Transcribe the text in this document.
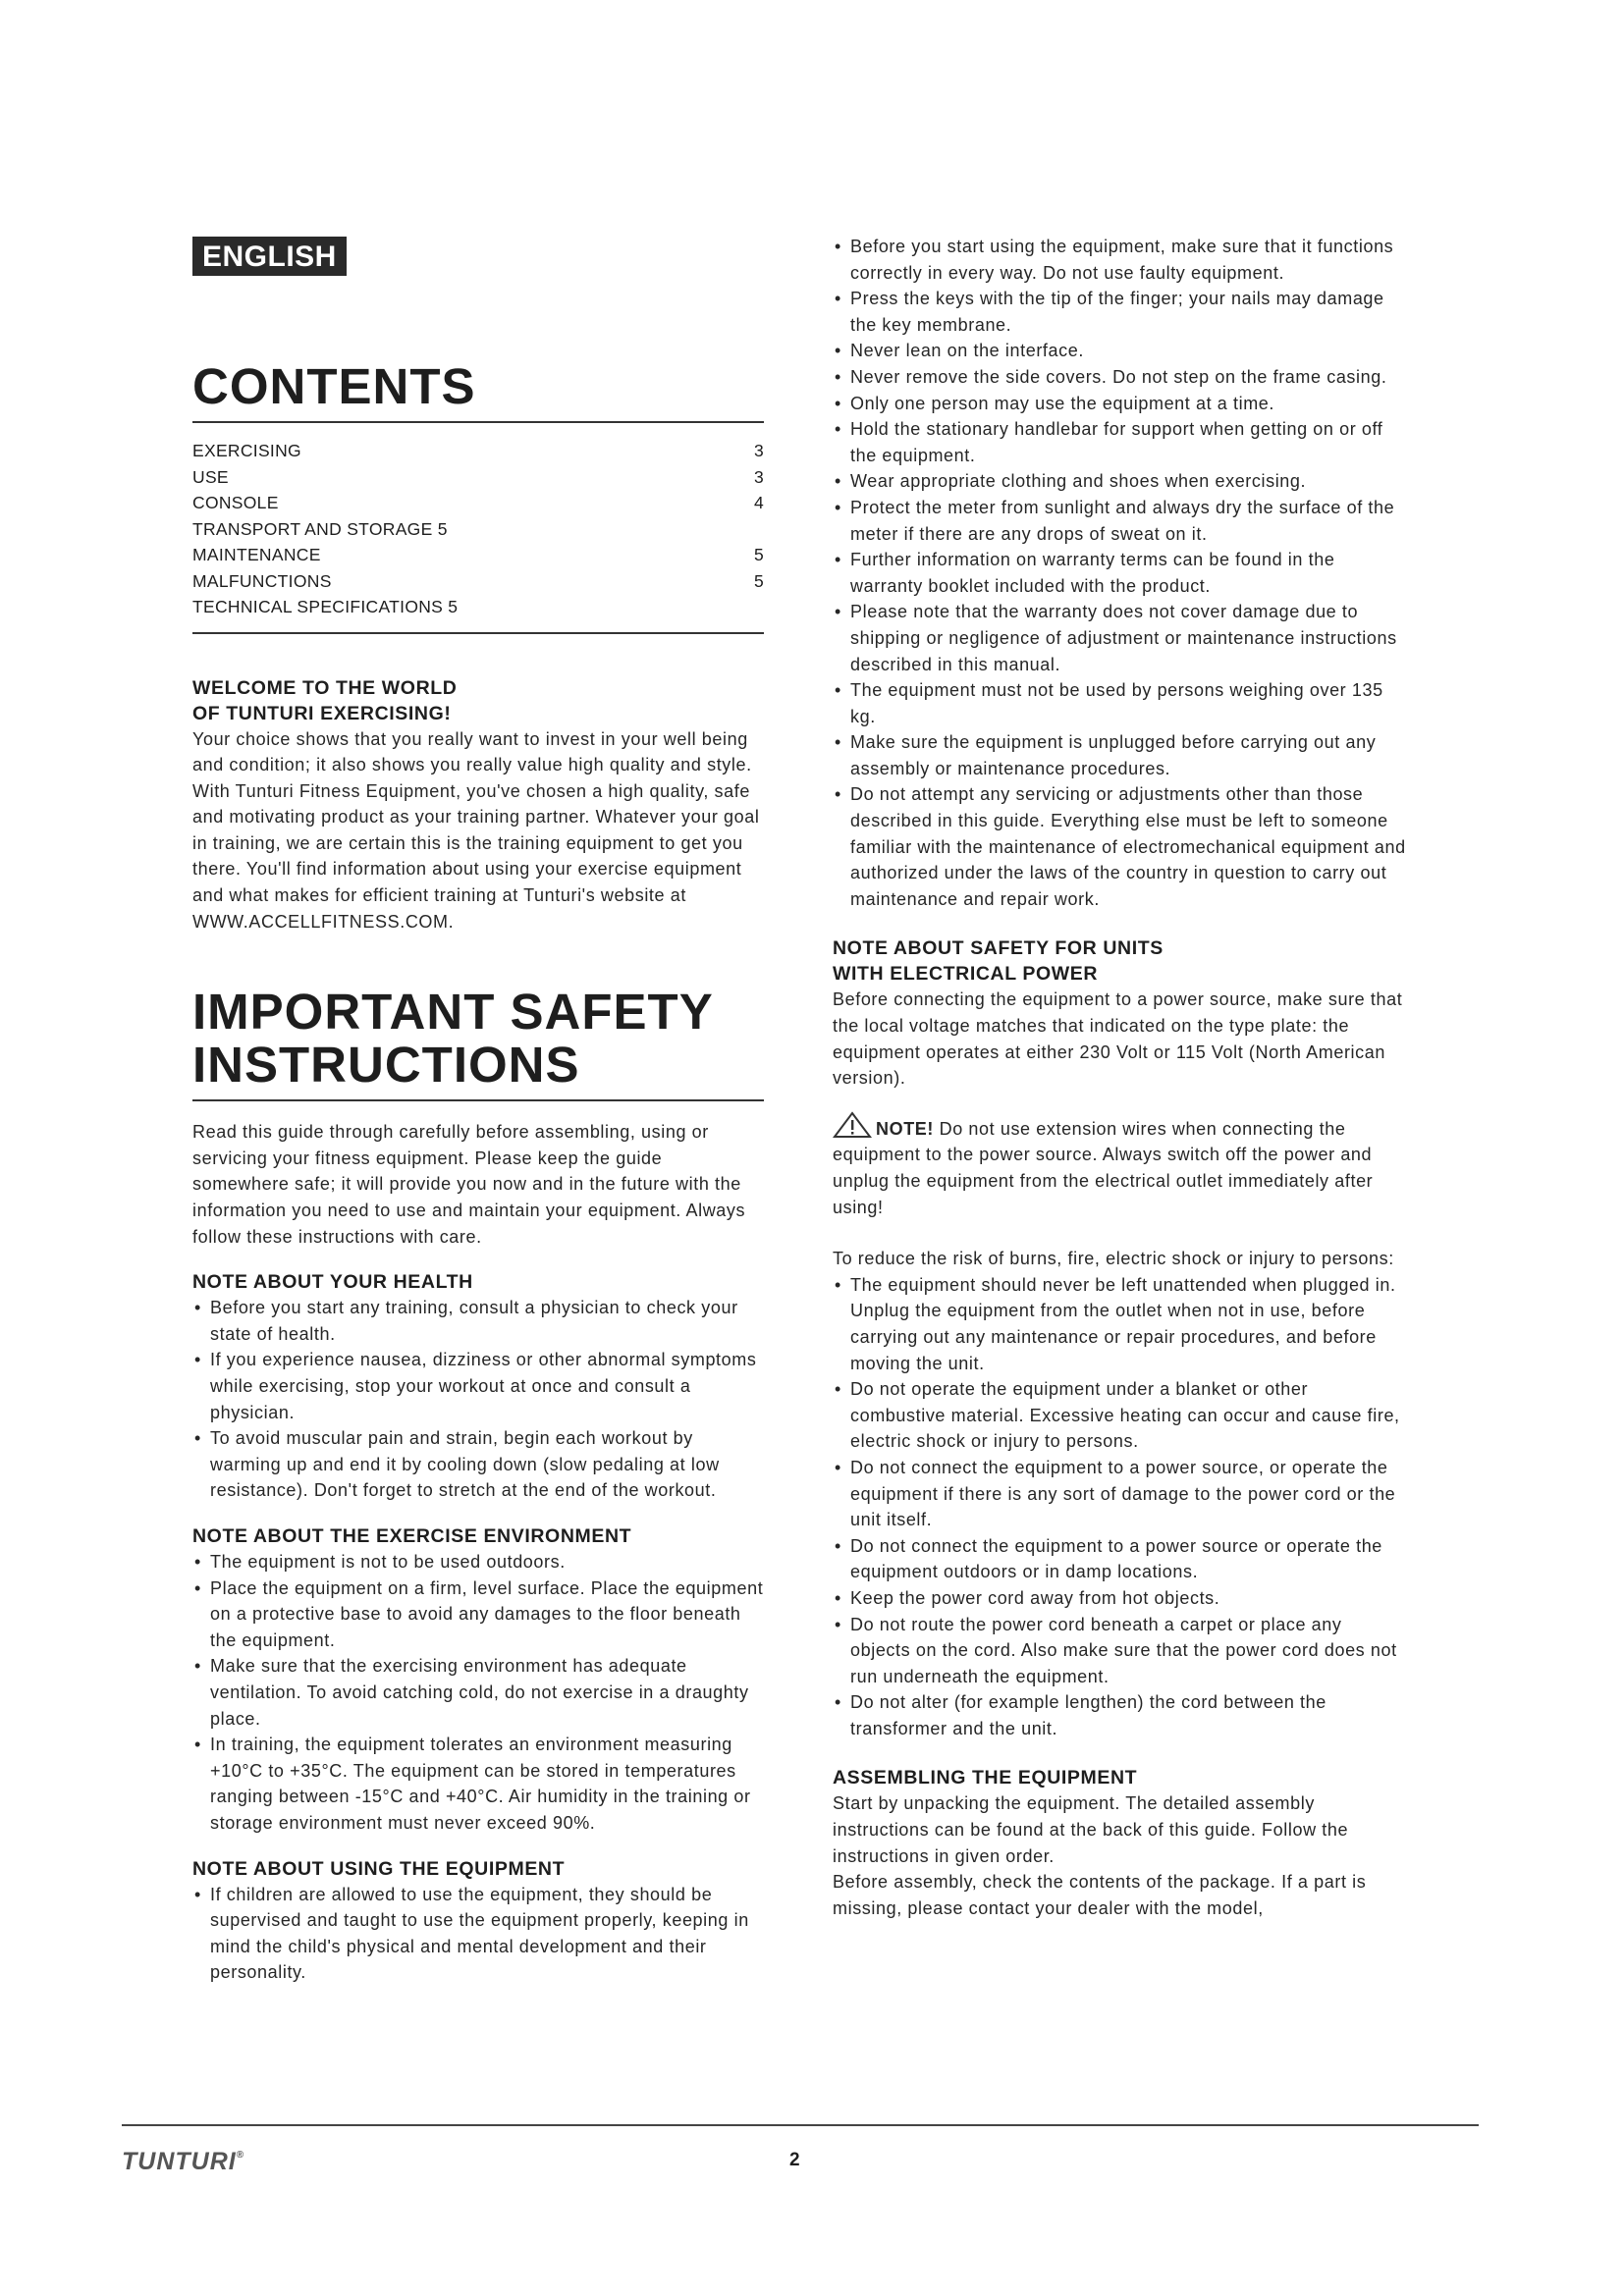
ENGLISH
CONTENTS
EXERCISING	3
USE	3
CONSOLE	4
TRANSPORT AND STORAGE 5
MAINTENANCE	5
MALFUNCTIONS	5
TECHNICAL SPECIFICATIONS 5
WELCOME TO THE WORLD
OF TUNTURI EXERCISING!

Your choice shows that you really want to invest in your well being and condition; it also shows you really value high quality and style. With Tunturi Fitness Equipment, you've chosen a high quality, safe and motivating product as your training partner. Whatever your goal in training, we are certain this is the training equipment to get you there. You'll find information about using your exercise equipment and what makes for efficient training at Tunturi's website at WWW.ACCELLFITNESS.COM.

IMPORTANT SAFETY
INSTRUCTIONS

Read this guide through carefully before assembling, using or servicing your fitness equipment. Please keep the guide somewhere safe; it will provide you now and in the future with the information you need to use and maintain your equipment. Always follow these instructions with care.

NOTE ABOUT YOUR HEALTH
• Before you start any training, consult a physician to check your state of health.
• If you experience nausea, dizziness or other abnormal symptoms while exercising, stop your workout at once and consult a physician.
• To avoid muscular pain and strain, begin each workout by warming up and end it by cooling down (slow pedaling at low resistance). Don't forget to stretch at the end of the workout.
NOTE ABOUT THE EXERCISE ENVIRONMENT
• The equipment is not to be used outdoors.
• Place the equipment on a firm, level surface. Place the equipment on a protective base to avoid any damages to the floor beneath the equipment.
• Make sure that the exercising environment has adequate ventilation. To avoid catching cold, do not exercise in a draughty place.
• In training, the equipment tolerates an environment measuring +10°C to +35°C. The equipment can be stored in temperatures ranging between -15°C and +40°C. Air humidity in the training or storage environment must never exceed 90%.
NOTE ABOUT USING THE EQUIPMENT
• If children are allowed to use the equipment, they should be supervised and taught to use the equipment properly, keeping in mind the child's physical and mental development and their personality.
• Before you start using the equipment, make sure that it functions correctly in every way. Do not use faulty equipment.
• Press the keys with the tip of the finger; your nails may damage the key membrane.
• Never lean on the interface.
• Never remove the side covers. Do not step on the frame casing.
• Only one person may use the equipment at a time.
• Hold the stationary handlebar for support when getting on or off the equipment.
• Wear appropriate clothing and shoes when exercising.
• Protect the meter from sunlight and always dry the surface of the meter if there are any drops of sweat on it.
• Further information on warranty terms can be found in the warranty booklet included with the product.
• Please note that the warranty does not cover damage due to shipping or negligence of adjustment or maintenance instructions described in this manual.
• The equipment must not be used by persons weighing over 135 kg.
• Make sure the equipment is unplugged before carrying out any assembly or maintenance procedures.
• Do not attempt any servicing or adjustments other than those described in this guide. Everything else must be left to someone familiar with the maintenance of electromechanical equipment and authorized under the laws of the country in question to carry out maintenance and repair work.
NOTE ABOUT SAFETY FOR UNITS
WITH ELECTRICAL POWER

Before connecting the equipment to a power source, make sure that the local voltage matches that indicated on the type plate: the equipment operates at either 230 Volt or 115 Volt (North American version).

NOTE! Do not use extension wires when connecting the equipment to the power source. Always switch off the power and unplug the equipment from the electrical outlet immediately after using!

To reduce the risk of burns, fire, electric shock or injury to persons:

• The equipment should never be left unattended when plugged in. Unplug the equipment from the outlet when not in use, before carrying out any maintenance or repair procedures, and before moving the unit.
• Do not operate the equipment under a blanket or other combustive material. Excessive heating can occur and cause fire, electric shock or injury to persons.
• Do not connect the equipment to a power source, or operate the equipment if there is any sort of damage to the power cord or the unit itself.
• Do not connect the equipment to a power source or operate the equipment outdoors or in damp locations.
• Keep the power cord away from hot objects.
• Do not route the power cord beneath a carpet or place any objects on the cord. Also make sure that the power cord does not run underneath the equipment.
• Do not alter (for example lengthen) the cord between the transformer and the unit.
ASSEMBLING THE EQUIPMENT

Start by unpacking the equipment. The detailed assembly instructions can be found at the back of this guide. Follow the instructions in given order.

Before assembly, check the contents of the package. If a part is missing, please contact your dealer with the model,

TUNTURI®	2
